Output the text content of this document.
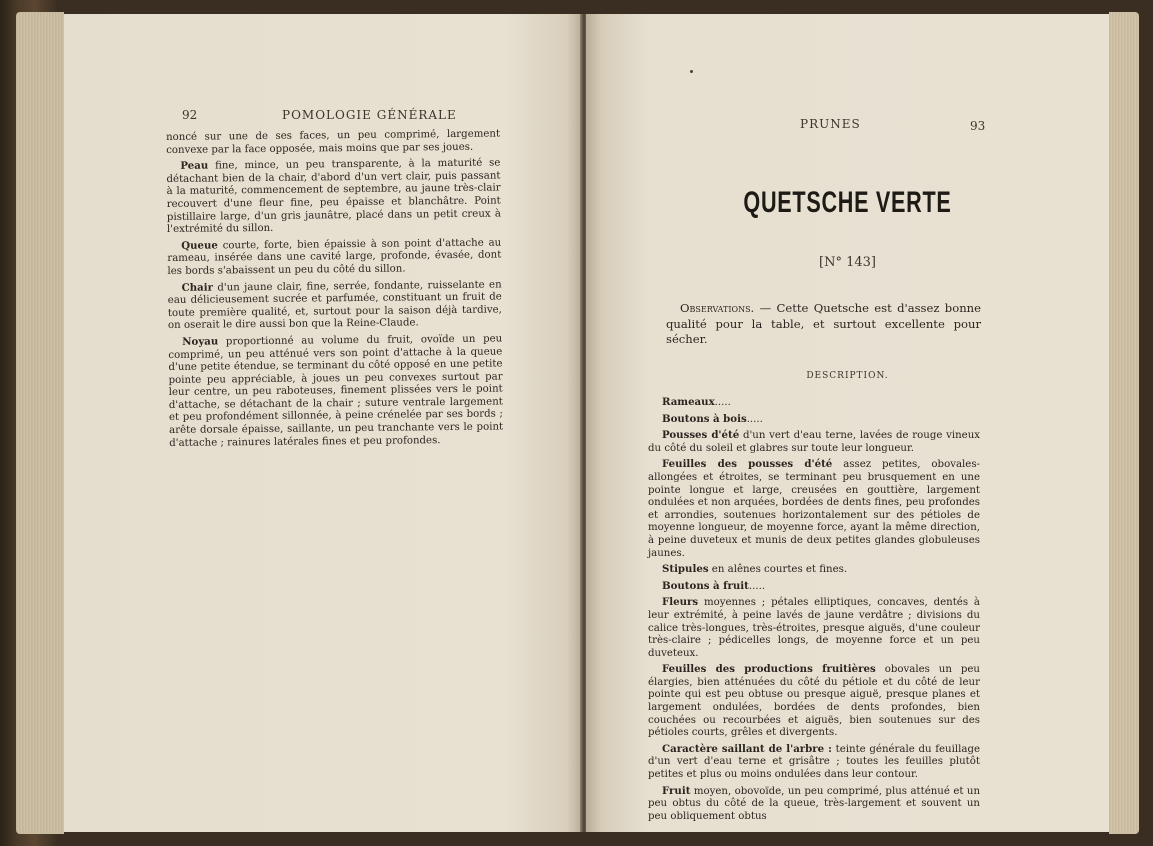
92	POMOLOGIE GÉNÉRALE

noncé sur une de ses faces, un peu comprimé, largement convexe par la face opposée, mais moins que par ses joues.

Peau fine, mince, un peu transparente, à la maturité se détachant bien de la chair, d'abord d'un vert clair, puis passant à la maturité, commencement de septembre, au jaune très-clair recouvert d'une fleur fine, peu épaisse et blanchâtre. Point pistillaire large, d'un gris jaunâtre, placé dans un petit creux à l'extrémité du sillon.

Queue courte, forte, bien épaissie à son point d'attache au rameau, insérée dans une cavité large, profonde, évasée, dont les bords s'abaissent un peu du côté du sillon.

Chair d'un jaune clair, fine, serrée, fondante, ruisselante en eau délicieusement sucrée et parfumée, constituant un fruit de toute première qualité, et, surtout pour la saison déjà tardive, on oserait le dire aussi bon que la Reine-Claude.

Noyau proportionné au volume du fruit, ovoïde un peu comprimé, un peu atténué vers son point d'attache à la queue d'une petite étendue, se terminant du côté opposé en une petite pointe peu appréciable, à joues un peu convexes surtout par leur centre, un peu raboteuses, finement plissées vers le point d'attache, se détachant de la chair ; suture ventrale largement et peu profondément sillonnée, à peine crénelée par ses bords ; arête dorsale épaisse, saillante, un peu tranchante vers le point d'attache ; rainures latérales fines et peu profondes.

PRUNES	93
QUETSCHE VERTE
[N° 143]
Observations. — Cette Quetsche est d'assez bonne qualité pour la table, et surtout excellente pour sécher.
DESCRIPTION.

Rameaux.....

Boutons à bois.....

Pousses d'été d'un vert d'eau terne, lavées de rouge vineux du côté du soleil et glabres sur toute leur longueur.

Feuilles des pousses d'été assez petites, obovales-allongées et étroites, se terminant peu brusquement en une pointe longue et large, creusées en gouttière, largement ondulées et non arquées, bordées de dents fines, peu profondes et arrondies, soutenues horizontalement sur des pétioles de moyenne longueur, de moyenne force, ayant la même direction, à peine duveteux et munis de deux petites glandes globuleuses jaunes.

Stipules en alênes courtes et fines.

Boutons à fruit.....

Fleurs moyennes ; pétales elliptiques, concaves, dentés à leur extrémité, à peine lavés de jaune verdâtre ; divisions du calice très-longues, très-étroites, presque aiguës, d'une couleur très-claire ; pédicelles longs, de moyenne force et un peu duveteux.

Feuilles des productions fruitières obovales un peu élargies, bien atténuées du côté du pétiole et du côté de leur pointe qui est peu obtuse ou presque aiguë, presque planes et largement ondulées, bordées de dents profondes, bien couchées ou recourbées et aiguës, bien soutenues sur des pétioles courts, grêles et divergents.

Caractère saillant de l'arbre : teinte générale du feuillage d'un vert d'eau terne et grisâtre ; toutes les feuilles plutôt petites et plus ou moins ondulées dans leur contour.

Fruit moyen, obovoïde, un peu comprimé, plus atténué et un peu obtus du côté de la queue, très-largement et souvent un peu obliquement obtus
